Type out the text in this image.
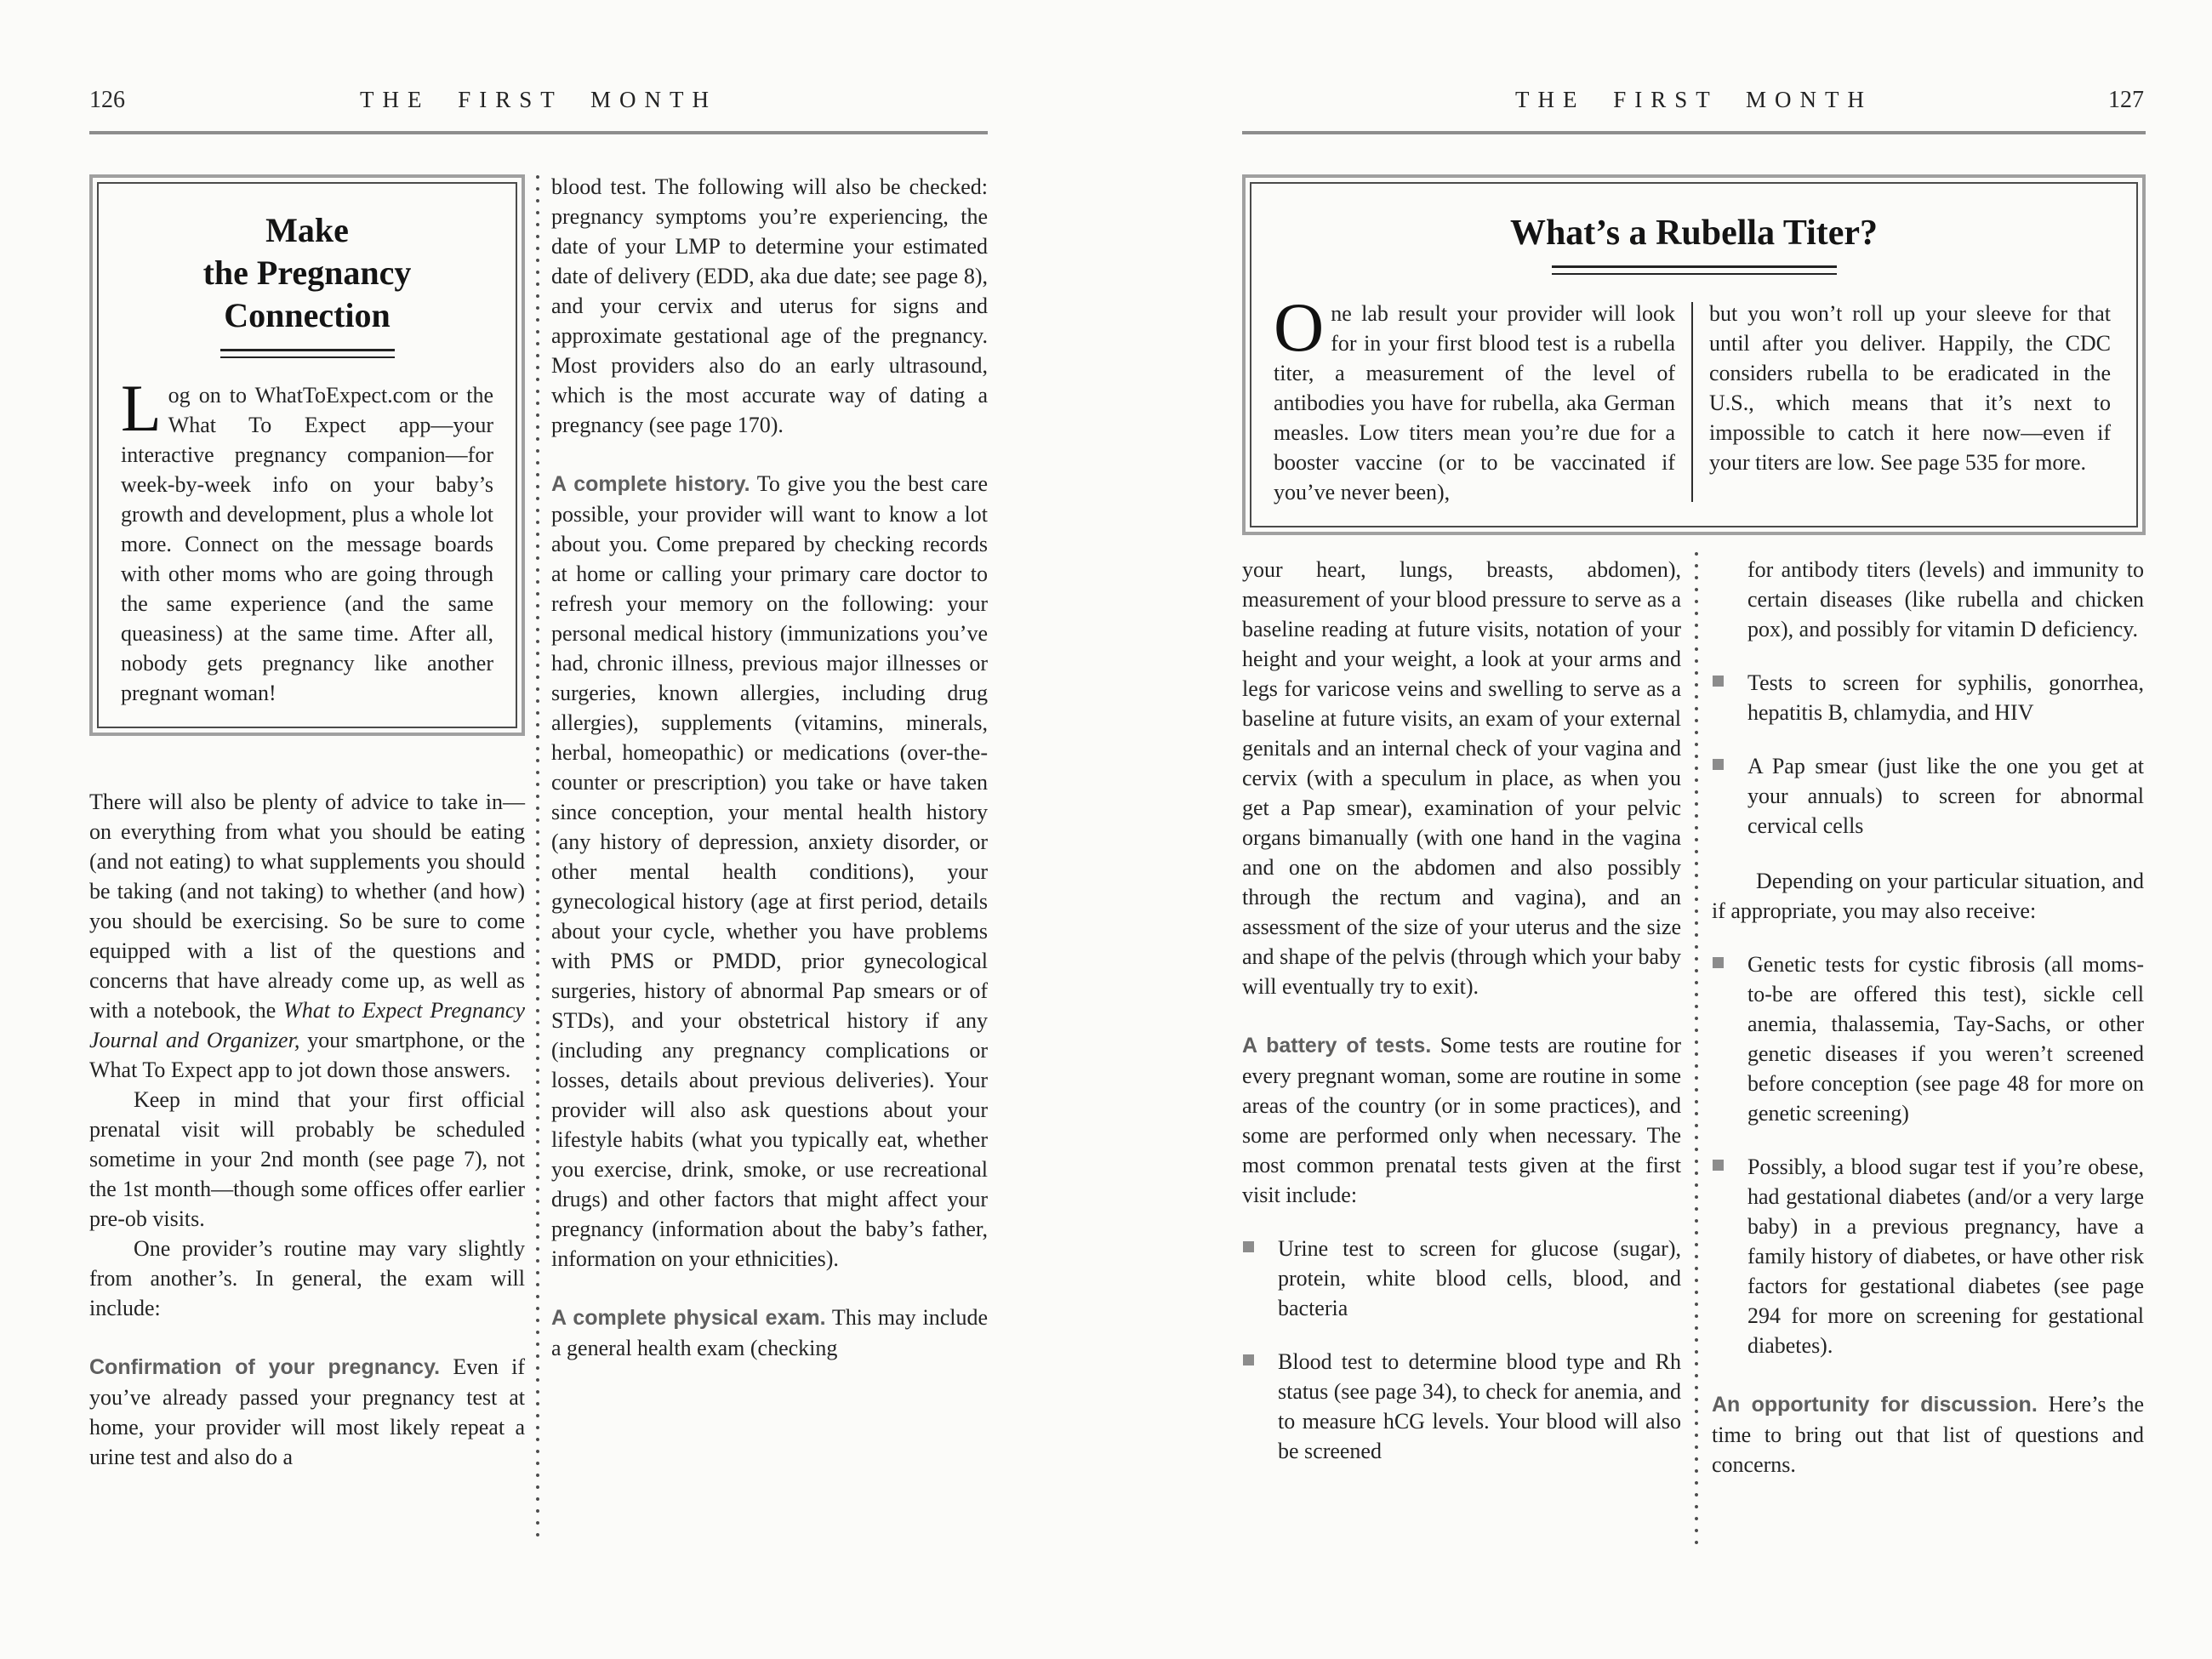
126	THE FIRST MONTH
Make
the Pregnancy
Connection

Log on to WhatToExpect.com or the What To Expect app—your interactive pregnancy companion—for week-by-week info on your baby’s growth and development, plus a whole lot more. Connect on the message boards with other moms who are going through the same experience (and the same queasiness) at the same time. After all, nobody gets pregnancy like another pregnant woman!

There will also be plenty of advice to take in—on everything from what you should be eating (and not eating) to what supplements you should be taking (and not taking) to whether (and how) you should be exercising. So be sure to come equipped with a list of the questions and concerns that have already come up, as well as with a notebook, the What to Expect Pregnancy Journal and Organizer, your smartphone, or the What To Expect app to jot down those answers.

Keep in mind that your first official prenatal visit will probably be scheduled sometime in your 2nd month (see page 7), not the 1st month—though some offices offer earlier pre-ob visits.

One provider’s routine may vary slightly from another’s. In general, the exam will include:

Confirmation of your pregnancy. Even if you’ve already passed your pregnancy test at home, your provider will most likely repeat a urine test and also do a

blood test. The following will also be checked: pregnancy symptoms you’re experiencing, the date of your LMP to determine your estimated date of delivery (EDD, aka due date; see page 8), and your cervix and uterus for signs and approximate gestational age of the pregnancy. Most providers also do an early ultrasound, which is the most accurate way of dating a pregnancy (see page 170).

A complete history. To give you the best care possible, your provider will want to know a lot about you. Come prepared by checking records at home or calling your primary care doctor to refresh your memory on the following: your personal medical history (immunizations you’ve had, chronic illness, previous major illnesses or surgeries, known allergies, including drug allergies), supplements (vitamins, minerals, herbal, homeopathic) or medications (over-the-counter or prescription) you take or have taken since conception, your mental health history (any history of depression, anxiety disorder, or other mental health conditions), your gynecological history (age at first period, details about your cycle, whether you have problems with PMS or PMDD, prior gynecological surgeries, history of abnormal Pap smears or of STDs), and your obstetrical history if any (including any pregnancy complications or losses, details about previous deliveries). Your provider will also ask questions about your lifestyle habits (what you typically eat, whether you exercise, drink, smoke, or use recreational drugs) and other factors that might affect your pregnancy (information about the baby’s father, information on your ethnicities).

A complete physical exam. This may include a general health exam (checking

THE FIRST MONTH	127
What’s a Rubella Titer?

One lab result your provider will look for in your first blood test is a rubella titer, a measurement of the level of antibodies you have for rubella, aka German measles. Low titers mean you’re due for a booster vaccine (or to be vaccinated if you’ve never been),

but you won’t roll up your sleeve for that until after you deliver. Happily, the CDC considers rubella to be eradicated in the U.S., which means that it’s next to impossible to catch it here now—even if your titers are low. See page 535 for more.

your heart, lungs, breasts, abdomen), measurement of your blood pressure to serve as a baseline reading at future visits, notation of your height and your weight, a look at your arms and legs for varicose veins and swelling to serve as a baseline at future visits, an exam of your external genitals and an internal check of your vagina and cervix (with a speculum in place, as when you get a Pap smear), examination of your pelvic organs bimanually (with one hand in the vagina and one on the abdomen and also possibly through the rectum and vagina), and an assessment of the size of your uterus and the size and shape of the pelvis (through which your baby will eventually try to exit).

A battery of tests. Some tests are routine for every pregnant woman, some are routine in some areas of the country (or in some practices), and some are performed only when necessary. The most common prenatal tests given at the first visit include:

Urine test to screen for glucose (sugar), protein, white blood cells, blood, and bacteria

Blood test to determine blood type and Rh status (see page 34), to check for anemia, and to measure hCG levels. Your blood will also be screened

for antibody titers (levels) and immunity to certain diseases (like rubella and chicken pox), and possibly for vitamin D deficiency.

Tests to screen for syphilis, gonorrhea, hepatitis B, chlamydia, and HIV

A Pap smear (just like the one you get at your annuals) to screen for abnormal cervical cells

Depending on your particular situation, and if appropriate, you may also receive:

Genetic tests for cystic fibrosis (all moms-to-be are offered this test), sickle cell anemia, thalassemia, Tay-Sachs, or other genetic diseases if you weren’t screened before conception (see page 48 for more on genetic screening)

Possibly, a blood sugar test if you’re obese, had gestational diabetes (and/or a very large baby) in a previous pregnancy, have a family history of diabetes, or have other risk factors for gestational diabetes (see page 294 for more on screening for gestational diabetes).

An opportunity for discussion. Here’s the time to bring out that list of questions and concerns.
